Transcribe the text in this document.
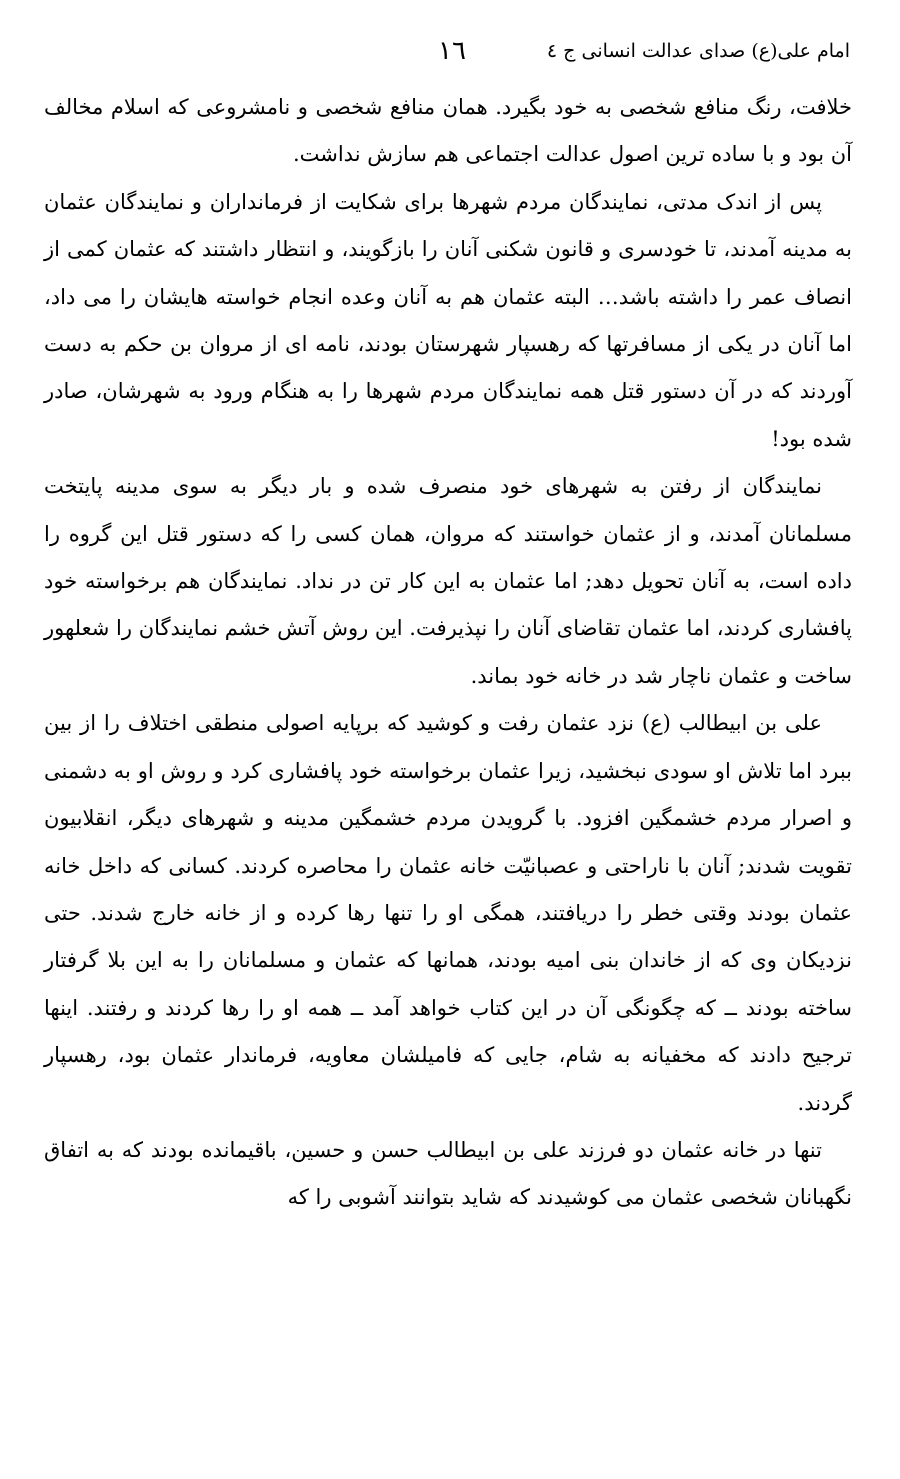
امام علی(ع) صدای عدالت انسانی ج ٤
١٦

خلافت، رنگ منافع شخصی به خود بگیرد. همان منافع شخصی و نامشروعی که اسلام مخالف آن بود و با ساده ترین اصول عدالت اجتماعی هم سازش نداشت.

پس از اندک مدتی، نمایندگان مردم شهرها برای شکایت از فرمانداران و نمایندگان عثمان به مدینه آمدند، تا خودسری و قانون شکنی آنان را بازگویند، و انتظار داشتند که عثمان کمی از انصاف عمر را داشته باشد… البته عثمان هم به آنان وعده انجام خواسته هایشان را می داد، اما آنان در یکی از مسافرتها که رهسپار شهرستان بودند، نامه ای از مروان بن حکم به دست آوردند که در آن دستور قتل همه نمایندگان مردم شهرها را به هنگام ورود به شهرشان، صادر شده بود!

نمایندگان از رفتن به شهرهای خود منصرف شده و بار دیگر به سوی مدینه پایتخت مسلمانان آمدند، و از عثمان خواستند که مروان، همان کسی را که دستور قتل این گروه را داده است، به آنان تحویل دهد; اما عثمان به این کار تن در نداد. نمایندگان هم برخواسته خود پافشاری کردند، اما عثمان تقاضای آنان را نپذیرفت. این روش آتش خشم نمایندگان را شعلهور ساخت و عثمان ناچار شد در خانه خود بماند.

علی بن ابیطالب (ع) نزد عثمان رفت و کوشید که برپایه اصولی منطقی اختلاف را از بین ببرد اما تلاش او سودی نبخشید، زیرا عثمان برخواسته خود پافشاری کرد و روش او به دشمنی و اصرار مردم خشمگین افزود. با گرویدن مردم خشمگین مدینه و شهرهای دیگر، انقلابیون تقویت شدند; آنان با ناراحتی و عصبانیّت خانه عثمان را محاصره کردند. کسانی که داخل خانه عثمان بودند وقتی خطر را دریافتند، همگی او را تنها رها کرده و از خانه خارج شدند. حتی نزدیکان وی که از خاندان بنی امیه بودند، همانها که عثمان و مسلمانان را به این بلا گرفتار ساخته بودند ــ که چگونگی آن در این کتاب خواهد آمد ــ همه او را رها کردند و رفتند. اینها ترجیح دادند که مخفیانه به شام، جایی که فامیلشان معاویه، فرماندار عثمان بود، رهسپار گردند.

تنها در خانه عثمان دو فرزند علی بن ابیطالب حسن و حسین، باقیمانده بودند که به اتفاق نگهبانان شخصی عثمان می کوشیدند که شاید بتوانند آشوبی را که
